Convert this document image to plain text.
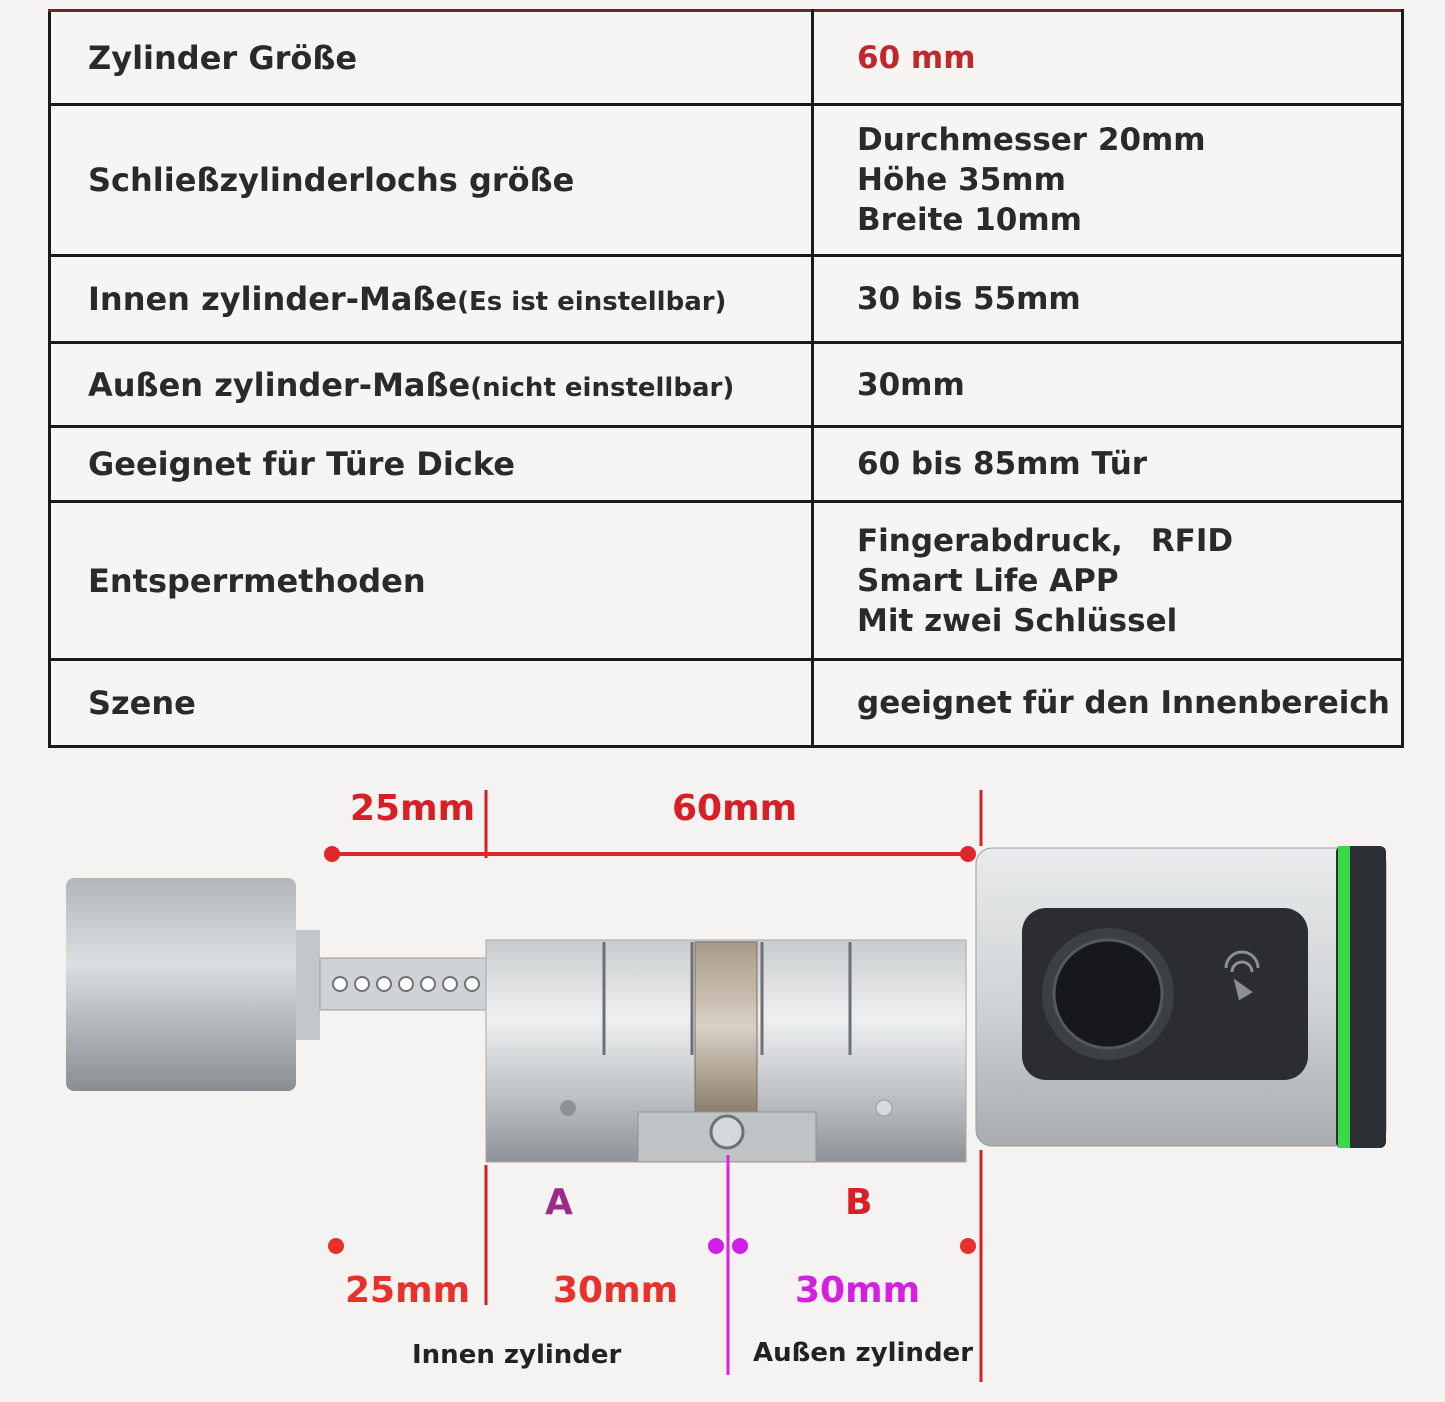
Zylinder Größe	60 mm
Schließzylinderlochs größe	Durchmesser 20mm
Höhe 35mm
Breite 10mm

Innen zylinder-Maße(Es ist einstellbar)	30 bis 55mm
Außen zylinder-Maße(nicht einstellbar)	30mm
Geeignet für Türe Dicke	60 bis 85mm Tür
Entsperrmethoden	Fingerabdruck, RFID
Smart Life APP
Mit zwei Schlüssel

Szene	geeignet für den Innenbereich
25mm	60mm
A	B
25mm 30mm	30mm
Innen zylinder	Außen zylinder
